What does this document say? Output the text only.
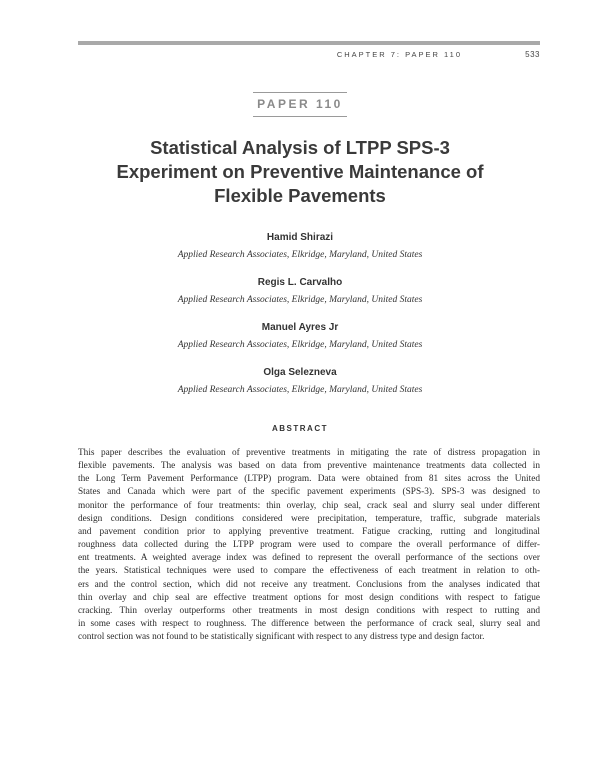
CHAPTER 7: PAPER 110	533
PAPER 110
Statistical Analysis of LTPP SPS-3
Experiment on Preventive Maintenance of
Flexible Pavements
Hamid Shirazi
Applied Research Associates, Elkridge, Maryland, United States
Regis L. Carvalho
Applied Research Associates, Elkridge, Maryland, United States
Manuel Ayres Jr
Applied Research Associates, Elkridge, Maryland, United States
Olga Selezneva
Applied Research Associates, Elkridge, Maryland, United States
ABSTRACT
This paper describes the evaluation of preventive treatments in mitigating the rate of distress propagation in
flexible pavements. The analysis was based on data from preventive maintenance treatments data collected in
the Long Term Pavement Performance (LTPP) program. Data were obtained from 81 sites across the United
States and Canada which were part of the specific pavement experiments (SPS-3). SPS-3 was designed to
monitor the performance of four treatments: thin overlay, chip seal, crack seal and slurry seal under different
design conditions. Design conditions considered were precipitation, temperature, traffic, subgrade materials
and pavement condition prior to applying preventive treatment. Fatigue cracking, rutting and longitudinal
roughness data collected during the LTPP program were used to compare the overall performance of differ-
ent treatments. A weighted average index was defined to represent the overall performance of the sections over
the years. Statistical techniques were used to compare the effectiveness of each treatment in relation to oth-
ers and the control section, which did not receive any treatment. Conclusions from the analyses indicated that
thin overlay and chip seal are effective treatment options for most design conditions with respect to fatigue
cracking. Thin overlay outperforms other treatments in most design conditions with respect to rutting and
in some cases with respect to roughness. The difference between the performance of crack seal, slurry seal and
control section was not found to be statistically significant with respect to any distress type and design factor.
